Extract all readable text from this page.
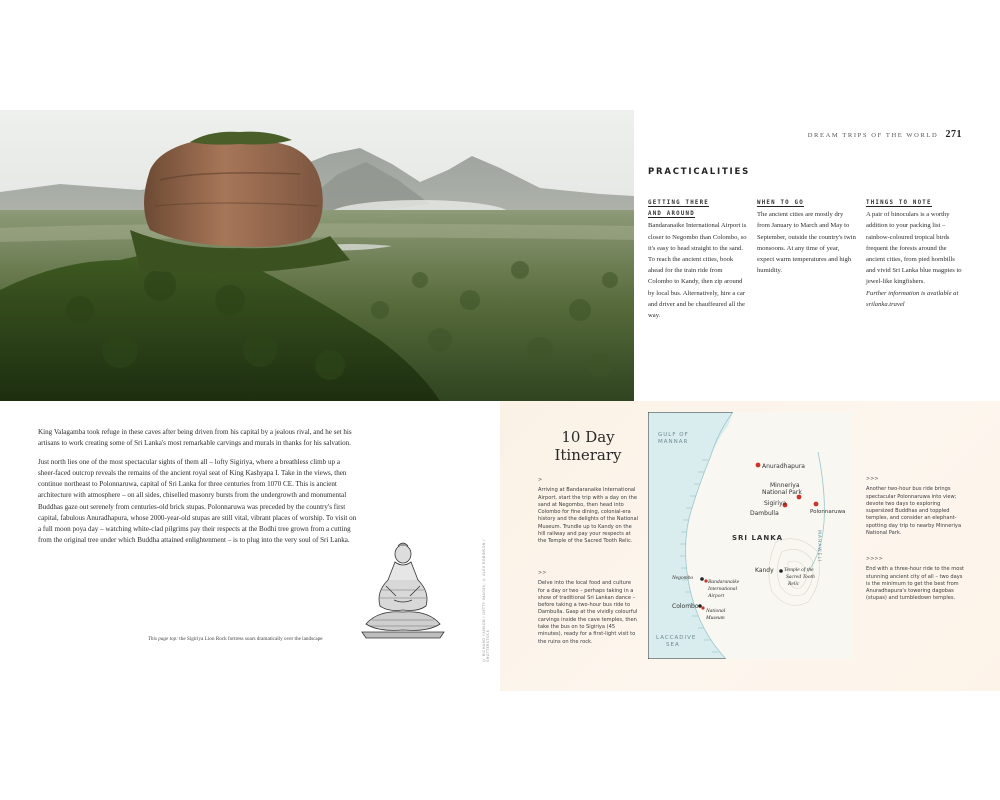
DREAM TRIPS OF THE WORLD 271
PRACTICALITIES
GETTING THERE
AND AROUND

Bandaranaike International Airport is closer to Negombo than Colombo, so it's easy to head straight to the sand. To reach the ancient cities, book ahead for the train ride from Colombo to Kandy, then zip around by local bus. Alternatively, hire a car and driver and be chauffeured all the way.

WHEN TO GO

The ancient cities are mostly dry from January to March and May to September, outside the country's twin monsoons. At any time of year, expect warm temperatures and high humidity.

THINGS TO NOTE

A pair of binoculars is a worthy addition to your packing list – rainbow-coloured tropical birds frequent the forests around the ancient cities, from pied hornbills and vivid Sri Lanka blue magpies to jewel-like kingfishers.

Further information is available at srilanka.travel

King Valagamba took refuge in these caves after being driven from his capital by a jealous rival, and he set his artisans to work creating some of Sri Lanka's most remarkable carvings and murals in thanks for his salvation.

Just north lies one of the most spectacular sights of them all – lofty Sigiriya, where a breathless climb up a sheer-faced outcrop reveals the remains of the ancient royal seat of King Kashyapa I. Take in the views, then continue northeast to Polonnaruwa, capital of Sri Lanka for three centuries from 1070 CE. This is ancient architecture with atmosphere – on all sides, chiselled masonry bursts from the undergrowth and monumental Buddhas gaze out serenely from centuries-old brick stupas. Polonnaruwa was preceded by the country's first capital, fabulous Anuradhapura, whose 2000-year-old stupas are still vital, vibrant places of worship. To visit on a full moon poya day – watching white-clad pilgrims pay their respects at the Bodhi tree grown from a cutting from the original tree under which Buddha attained enlightenment – is to plug into the very soul of Sri Lanka.

This page top: the Sigiriya Lion Rock fortress soars dramatically over the landscape	© RICHARD I'ANSON / GETTY IMAGES; © ALEX ROBINSON / SHUTTERSTOCK
10 Day
Itinerary
>
Arriving at Bandaranaike International Airport, start the trip with a day on the sand at Negombo, then head into Colombo for fine dining, colonial-era history and the delights of the National Museum. Trundle up to Kandy on the hill railway and pay your respects at the Temple of the Sacred Tooth Relic.
>>
Delve into the local food and culture for a day or two – perhaps taking in a show of traditional Sri Lankan dance – before taking a two-hour bus ride to Dambulla. Gasp at the vividly colourful carvings inside the cave temples, then take the bus on to Sigiriya (45 minutes), ready for a first-light visit to the ruins on the rock.
>>>
Another two-hour bus ride brings spectacular Polonnaruwa into view; devote two days to exploring supersized Buddhas and toppled temples, and consider an elephant-spotting day trip to nearby Minneriya National Park.
>>>>
End with a three-hour ride to the most stunning ancient city of all – two days is the minimum to get the best from Anuradhapura's towering dagobas (stupas) and tumbledown temples.
GULF OF
MANNAR
Anuradhapura
Minneriya
National Park
Sigiriya
Dambulla	Polonnaruwa
SRI LANKA	MAHAWELI
Kandy Temple of the
Sacred Tooth
Relic
Negombo
Bandaranaike
International
Airport
Colombo
National
Museum
LACCADIVE
SEA
